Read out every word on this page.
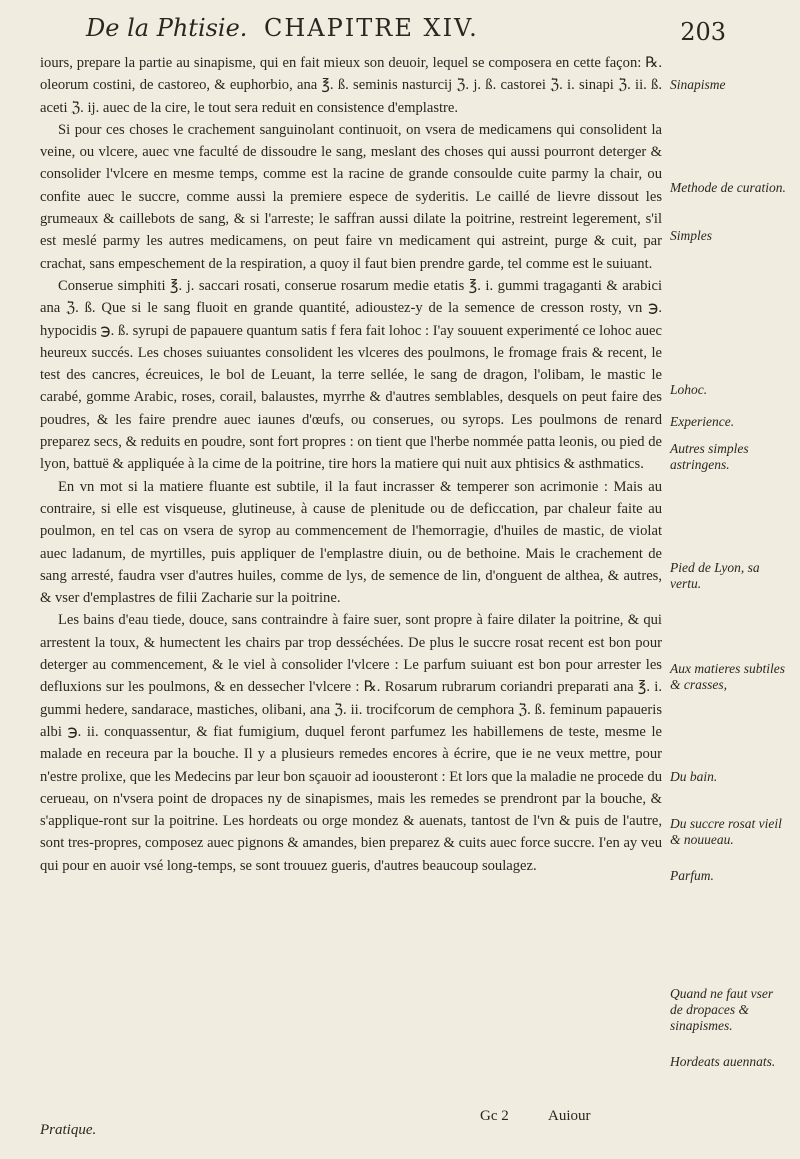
De la Phtisie. CHAPITRE XIV.	203

iours, prepare la partie au sinapisme, qui en fait mieux son deuoir, lequel se composera en cette façon: ℞. oleorum costini, de castoreo, & euphorbio, ana ℥. ß. seminis nasturcij ℨ. j. ß. castorei ℨ. i. sinapi ℨ. ii. ß. aceti ℨ. ij. auec de la cire, le tout sera reduit en consistence d'emplastre.

Si pour ces choses le crachement sanguinolant continuoit, on vsera de medicamens qui consolident la veine, ou vlcere, auec vne faculté de dissoudre le sang, meslant des choses qui aussi pourront deterger & consolider l'vlcere en mesme temps, comme est la racine de grande consoulde cuite parmy la chair, ou confite auec le succre, comme aussi la premiere espece de syderitis. Le caillé de lievre dissout les grumeaux & caillebots de sang, & si l'arreste; le saffran aussi dilate la poitrine, restreint legerement, s'il est meslé parmy les autres medicamens, on peut faire vn medicament qui astreint, purge & cuit, par crachat, sans empeschement de la respiration, a quoy il faut bien prendre garde, tel comme est le suiuant.

Conserue simphiti ℥. j. saccari rosati, conserue rosarum medie etatis ℥. i. gummi tragaganti & arabici ana ℨ. ß. Que si le sang fluoit en grande quantité, adioustez-y de la semence de cresson rosty, vn ℈. hypocidis ℈. ß. syrupi de papauere quantum satis f fera fait lohoc : I'ay souuent experimenté ce lohoc auec heureux succés. Les choses suiuantes consolident les vlceres des poulmons, le fromage frais & recent, le test des cancres, écreuices, le bol de Leuant, la terre sellée, le sang de dragon, l'olibam, le mastic le carabé, gomme Arabic, roses, corail, balaustes, myrrhe & d'autres semblables, desquels on peut faire des poudres, & les faire prendre auec iaunes d'œufs, ou conserues, ou syrops. Les poulmons de renard preparez secs, & reduits en poudre, sont fort propres : on tient que l'herbe nommée patta leonis, ou pied de lyon, battuë & appliquée à la cime de la poitrine, tire hors la matiere qui nuit aux phtisics & asthmatics.

En vn mot si la matiere fluante est subtile, il la faut incrasser & temperer son acrimonie : Mais au contraire, si elle est visqueuse, glutineuse, à cause de plenitude ou de deficcation, par chaleur faite au poulmon, en tel cas on vsera de syrop au commencement de l'hemorragie, d'huiles de mastic, de violat auec ladanum, de myrtilles, puis appliquer de l'emplastre diuin, ou de bethoine. Mais le crachement de sang arresté, faudra vser d'autres huiles, comme de lys, de semence de lin, d'onguent de althea, & autres, & vser d'emplastres de filii Zacharie sur la poitrine.

Les bains d'eau tiede, douce, sans contraindre à faire suer, sont propre à faire dilater la poitrine, & qui arrestent la toux, & humectent les chairs par trop desséchées. De plus le succre rosat recent est bon pour deterger au commencement, & le viel à consolider l'vlcere : Le parfum suiuant est bon pour arrester les defluxions sur les poulmons, & en dessecher l'vlcere : ℞. Rosarum rubrarum coriandri preparati ana ℥. i. gummi hedere, sandarace, mastiches, olibani, ana ℨ. ii. trocifcorum de cemphora ℨ. ß. feminum papaueris albi ℈. ii. conquassentur, & fiat fumigium, duquel feront parfumez les habillemens de teste, mesme le malade en receura par la bouche. Il y a plusieurs remedes encores à écrire, que ie ne veux mettre, pour n'estre prolixe, que les Medecins par leur bon sçauoir ad ioousteront : Et lors que la maladie ne procede du cerueau, on n'vsera point de dropaces ny de sinapismes, mais les remedes se prendront par la bouche, & s'applique-ront sur la poitrine. Les hordeats ou orge mondez & auenats, tantost de l'vn & puis de l'autre, sont tres-propres, composez auec pignons & amandes, bien preparez & cuits auec force succre. I'en ay veu qui pour en auoir vsé long-temps, se sont trouuez gueris, d'autres beaucoup soulagez.

Sinapisme
Methode de curation.
Simples
Lohoc.
Experience.
Autres simples astringens.
Pied de Lyon, sa vertu.
Aux matieres subtiles & crasses,
Du bain.
Du succre rosat vieil & nouueau.
Parfum.
Quand ne faut vser de dropaces & sinapismes.
Hordeats auennats.
Pratique.
Gc 2	Auiour
